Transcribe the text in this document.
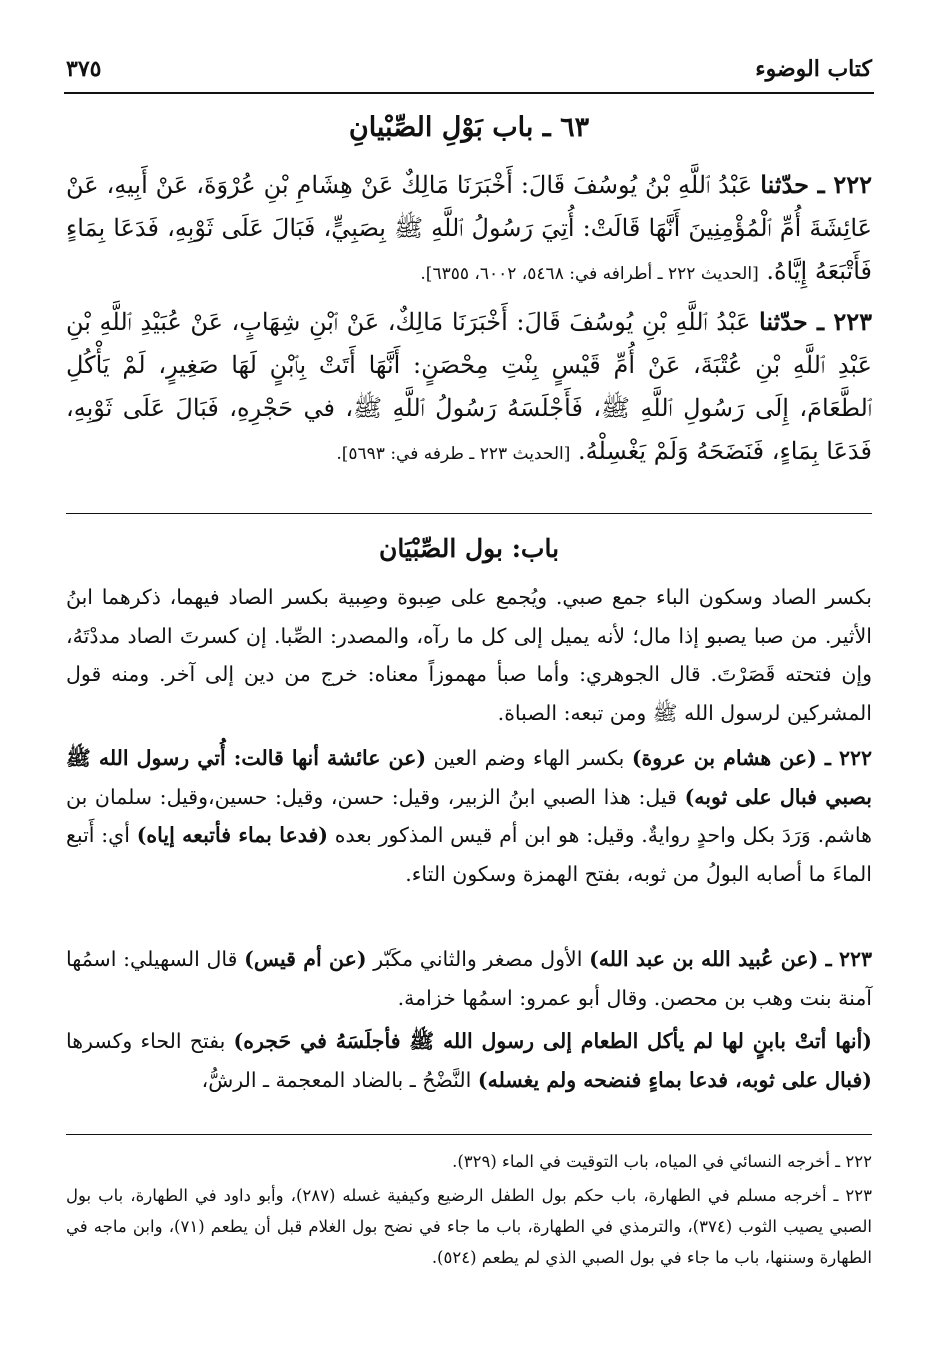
كتاب الوضوء
٣٧٥
٦٣ ـ باب بَوْلِ الصِّبْيانِ
٢٢٢ ـ حدّثنا عَبْدُ ٱللَّهِ بْنُ يُوسُفَ قَالَ: أَخْبَرَنَا مَالِكٌ عَنْ هِشَامِ بْنِ عُرْوَةَ، عَنْ أَبِيهِ، عَنْ عَائِشَةَ أُمِّ ٱلْمُؤْمِنِينَ أَنَّهَا قَالَتْ: أُتِيَ رَسُولُ ٱللَّهِ ﷺ بِصَبِيٍّ، فَبَالَ عَلَى ثَوْبِهِ، فَدَعَا بِمَاءٍ فَأَتْبَعَهُ إِيَّاهُ. [الحديث ٢٢٢ ـ أطرافه في: ٥٤٦٨، ٦٠٠٢، ٦٣٥٥].
٢٢٣ ـ حدّثنا عَبْدُ ٱللَّهِ بْنِ يُوسُفَ قَالَ: أَخْبَرَنَا مَالِكٌ، عَنْ ٱبْنِ شِهَابٍ، عَنْ عُبَيْدِ ٱللَّهِ بْنِ عَبْدِ ٱللَّهِ بْنِ عُتْبَةَ، عَنْ أُمِّ قَيْسٍ بِنْتِ مِحْصَنٍ: أَنَّهَا أَتَتْ بِٱبْنٍ لَهَا صَغِيرٍ، لَمْ يَأْكُلِ ٱلطَّعَامَ، إِلَى رَسُولِ ٱللَّهِ ﷺ، فَأَجْلَسَهُ رَسُولُ ٱللَّهِ ﷺ، في حَجْرِهِ، فَبَالَ عَلَى ثَوْبِهِ، فَدَعَا بِمَاءٍ، فَنَضَحَهُ وَلَمْ يَغْسِلْهُ. [الحديث ٢٢٣ ـ طرفه في: ٥٦٩٣].
باب: بول الصِّبْيَان
بكسر الصاد وسكون الباء جمع صبي. ويُجمع على صِبوة وصِبية بكسر الصاد فيهما، ذكرهما ابنُ الأثير. من صبا يصبو إذا مال؛ لأنه يميل إلى كل ما رآه، والمصدر: الصِّبا. إن كسرتَ الصاد مددْتَهُ، وإن فتحته قَصَرْتَ. قال الجوهري: وأما صبأ مهموزاً معناه: خرج من دين إلى آخر. ومنه قول المشركين لرسول الله ﷺ ومن تبعه: الصباة.
٢٢٢ ـ (عن هشام بن عروة) بكسر الهاء وضم العين (عن عائشة أنها قالت: أُتي رسول الله ﷺ بصبي فبال على ثوبه) قيل: هذا الصبي ابنُ الزبير، وقيل: حسن، وقيل: حسين،وقيل: سلمان بن هاشم. وَرَدَ بكل واحدٍ روايةٌ. وقيل: هو ابن أم قيس المذكور بعده (فدعا بماء فأتبعه إياه) أي: أَتبع الماءَ ما أصابه البولُ من ثوبه، بفتح الهمزة وسكون التاء.
٢٢٣ ـ (عن عُبيد الله بن عبد الله) الأول مصغر والثاني مكَبّر (عن أم قيس) قال السهيلي: اسمُها آمنة بنت وهب بن محصن. وقال أبو عمرو: اسمُها خزامة.
(أنها أتتْ بابنٍ لها لم يأكل الطعام إلى رسول الله ﷺ فأجلَسَهُ في حَجره) بفتح الحاء وكسرها (فبال على ثوبه، فدعا بماءٍ فنضحه ولم يغسله) النَّضْحُ ـ بالضاد المعجمة ـ الرشُّ،
٢٢٢ ـ أخرجه النسائي في المياه، باب التوقيت في الماء (٣٢٩).
٢٢٣ ـ أخرجه مسلم في الطهارة، باب حكم بول الطفل الرضيع وكيفية غسله (٢٨٧)، وأبو داود في الطهارة، باب بول الصبي يصيب الثوب (٣٧٤)، والترمذي في الطهارة، باب ما جاء في نضح بول الغلام قبل أن يطعم (٧١)، وابن ماجه في الطهارة وسننها، باب ما جاء في بول الصبي الذي لم يطعم (٥٢٤).
